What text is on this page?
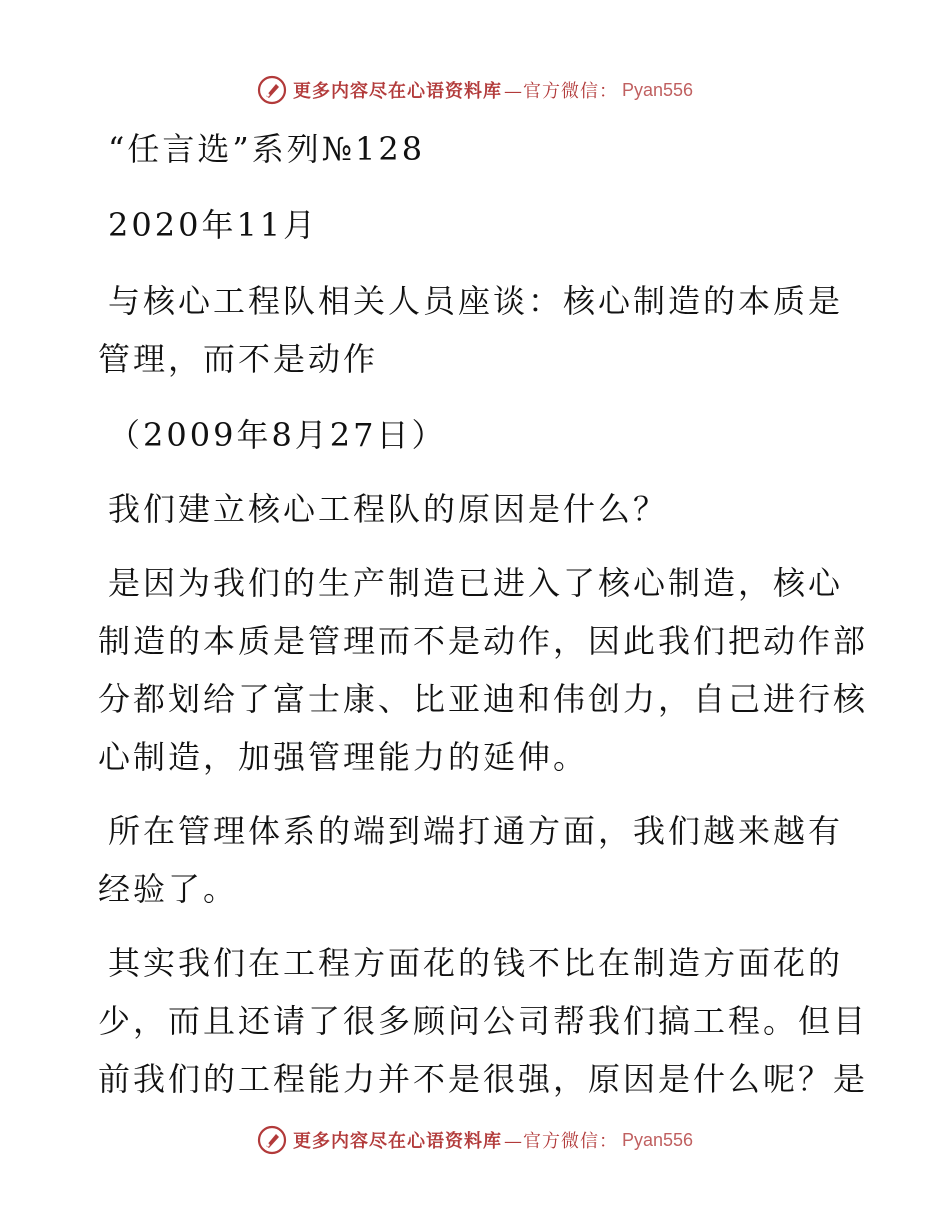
更多内容尽在心语资料库 —官方微信： Pyan556

“任言选”系列№128

2020年11月

与核心工程队相关人员座谈：核心制造的本质是

管理，而不是动作

（2009年8月27日）

我们建立核心工程队的原因是什么？

是因为我们的生产制造已进入了核心制造，核心

制造的本质是管理而不是动作，因此我们把动作部

分都划给了富士康、比亚迪和伟创力，自己进行核

心制造，加强管理能力的延伸。

所在管理体系的端到端打通方面，我们越来越有

经验了。

其实我们在工程方面花的钱不比在制造方面花的

少，而且还请了很多顾问公司帮我们搞工程。但目

前我们的工程能力并不是很强，原因是什么呢？是

更多内容尽在心语资料库 —官方微信： Pyan556
